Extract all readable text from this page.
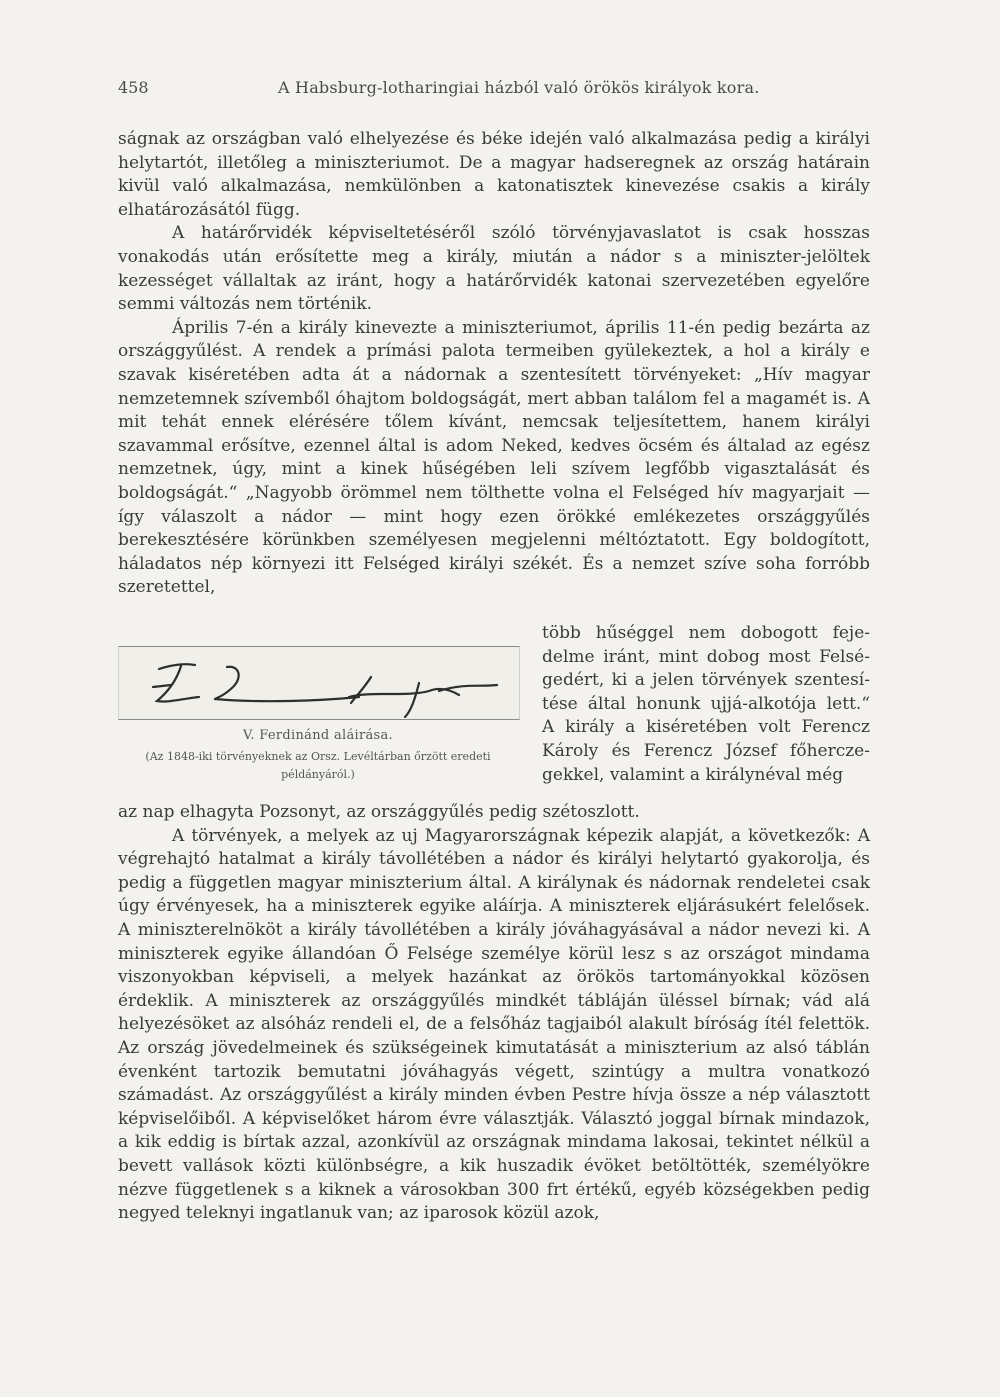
458	A Habsburg-lotharingiai házból való örökös királyok kora.

ságnak az országban való elhelyezése és béke idején való alkalmazása pedig a királyi helytartót, illetőleg a miniszteriumot. De a magyar hadseregnek az ország határain kivül való alkalmazása, nemkülönben a katonatisztek kinevezése csakis a király elhatározásától függ.

A határőrvidék képviseltetéséről szóló törvényjavaslatot is csak hosszas vonakodás után erősítette meg a király, miután a nádor s a miniszter-jelöltek kezességet vállaltak az iránt, hogy a határőrvidék katonai szervezetében egyelőre semmi változás nem történik.

Április 7-én a király kinevezte a miniszteriumot, április 11-én pedig bezárta az országgyűlést. A rendek a prímási palota termeiben gyülekeztek, a hol a király e szavak kiséretében adta át a nádornak a szentesített törvényeket: „Hív magyar nemzetemnek szívemből óhajtom boldogságát, mert abban találom fel a magamét is. A mit tehát ennek elérésére tőlem kívánt, nemcsak teljesítettem, hanem királyi szavammal erősítve, ezennel által is adom Neked, kedves öcsém és általad az egész nemzetnek, úgy, mint a kinek hűségében leli szívem legfőbb vigasztalását és boldogságát.“ „Nagyobb örömmel nem tölthette volna el Felséged hív magyarjait — így válaszolt a nádor — mint hogy ezen örökké emlékezetes országgyűlés berekesztésére körünkben személyesen megjelenni méltóztatott. Egy boldogított, háladatos nép környezi itt Felséged királyi székét. És a nemzet szíve soha forróbb szeretettel,

V. Ferdinánd aláirása.
(Az 1848-iki törvényeknek az Orsz. Levéltárban őrzött eredeti
példányáról.)
több hűséggel nem dobogott feje-
delme iránt, mint dobog most Felsé-
gedért, ki a jelen törvények szentesí-
tése által honunk ujjá-alkotója lett.“
A király a kiséretében volt Ferencz
Károly és Ferencz József főhercze-
gekkel, valamint a királynéval még

az nap elhagyta Pozsonyt, az országgyűlés pedig szétoszlott.

A törvények, a melyek az uj Magyarországnak képezik alapját, a következők: A végrehajtó hatalmat a király távollétében a nádor és királyi helytartó gyakorolja, és pedig a független magyar miniszterium által. A királynak és nádornak rendeletei csak úgy érvényesek, ha a miniszterek egyike aláírja. A miniszterek eljárásukért felelősek. A miniszterelnököt a király távollétében a király jóváhagyásával a nádor nevezi ki. A miniszterek egyike állandóan Ő Felsége személye körül lesz s az országot mindama viszonyokban képviseli, a melyek hazánkat az örökös tartományokkal közösen érdeklik. A miniszterek az országgyűlés mindkét tábláján üléssel bírnak; vád alá helyezésöket az alsóház rendeli el, de a felsőház tagjaiból alakult bíróság ítél felettök. Az ország jövedelmeinek és szükségeinek kimutatását a miniszterium az alsó táblán évenként tartozik bemutatni jóváhagyás végett, szintúgy a multra vonatkozó számadást. Az országgyűlést a király minden évben Pestre hívja össze a nép választott képviselőiből. A képviselőket három évre választják. Választó joggal bírnak mindazok, a kik eddig is bírtak azzal, azonkívül az országnak mindama lakosai, tekintet nélkül a bevett vallások közti különbségre, a kik huszadik évöket betöltötték, személyökre nézve függetlenek s a kiknek a városokban 300 frt értékű, egyéb községekben pedig negyed teleknyi ingatlanuk van; az iparosok közül azok,
